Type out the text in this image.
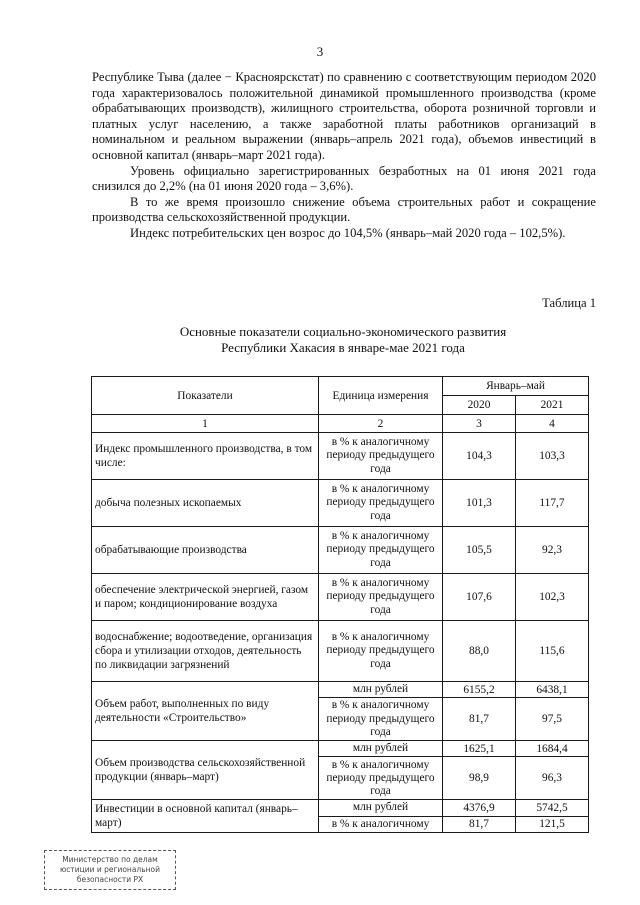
3

Республике Тыва (далее − Красноярскстат) по сравнению с соответствующим периодом 2020 года характеризовалось положительной динамикой промышленного производства (кроме обрабатывающих производств), жилищного строительства, оборота розничной торговли и платных услуг населению, а также заработной платы работников организаций в номинальном и реальном выражении (январь–апрель 2021 года), объемов инвестиций в основной капитал (январь–март 2021 года).

Уровень официально зарегистрированных безработных на 01 июня 2021 года снизился до 2,2% (на 01 июня 2020 года – 3,6%).

В то же время произошло снижение объема строительных работ и сокращение производства сельскохозяйственной продукции.

Индекс потребительских цен возрос до 104,5% (январь–май 2020 года – 102,5%).

Таблица 1
Основные показатели социально-экономического развития
Республики Хакасия в январе-мае 2021 года
Показатели	Единица измерения	Январь–май	
		2020	2021
1	2	3	4
Индекс промышленного производства, в том числе:	в % к аналогичному периоду предыдущего года	104,3	103,3
добыча полезных ископаемых	в % к аналогичному периоду предыдущего года	101,3	117,7
обрабатывающие производства	в % к аналогичному периоду предыдущего года	105,5	92,3
обеспечение электрической энергией, газом и паром; кондиционирование воздуха	в % к аналогичному периоду предыдущего года	107,6	102,3
водоснабжение; водоотведение, организация сбора и утилизации отходов, деятельность по ликвидации загрязнений	в % к аналогичному периоду предыдущего года	88,0	115,6
Объем работ, выполненных по виду деятельности «Строительство»	млн рублей	6155,2	6438,1
	в % к аналогичному периоду предыдущего года	81,7	97,5
Объем производства сельскохозяйственной продукции (январь–март)	млн рублей	1625,1	1684,4
	в % к аналогичному периоду предыдущего года	98,9	96,3
Инвестиции в основной капитал (январь–март)	млн рублей	4376,9	5742,5
	в % к аналогичному	81,7	121,5
Министерство по делам
юстиции и региональной
безопасности РХ
